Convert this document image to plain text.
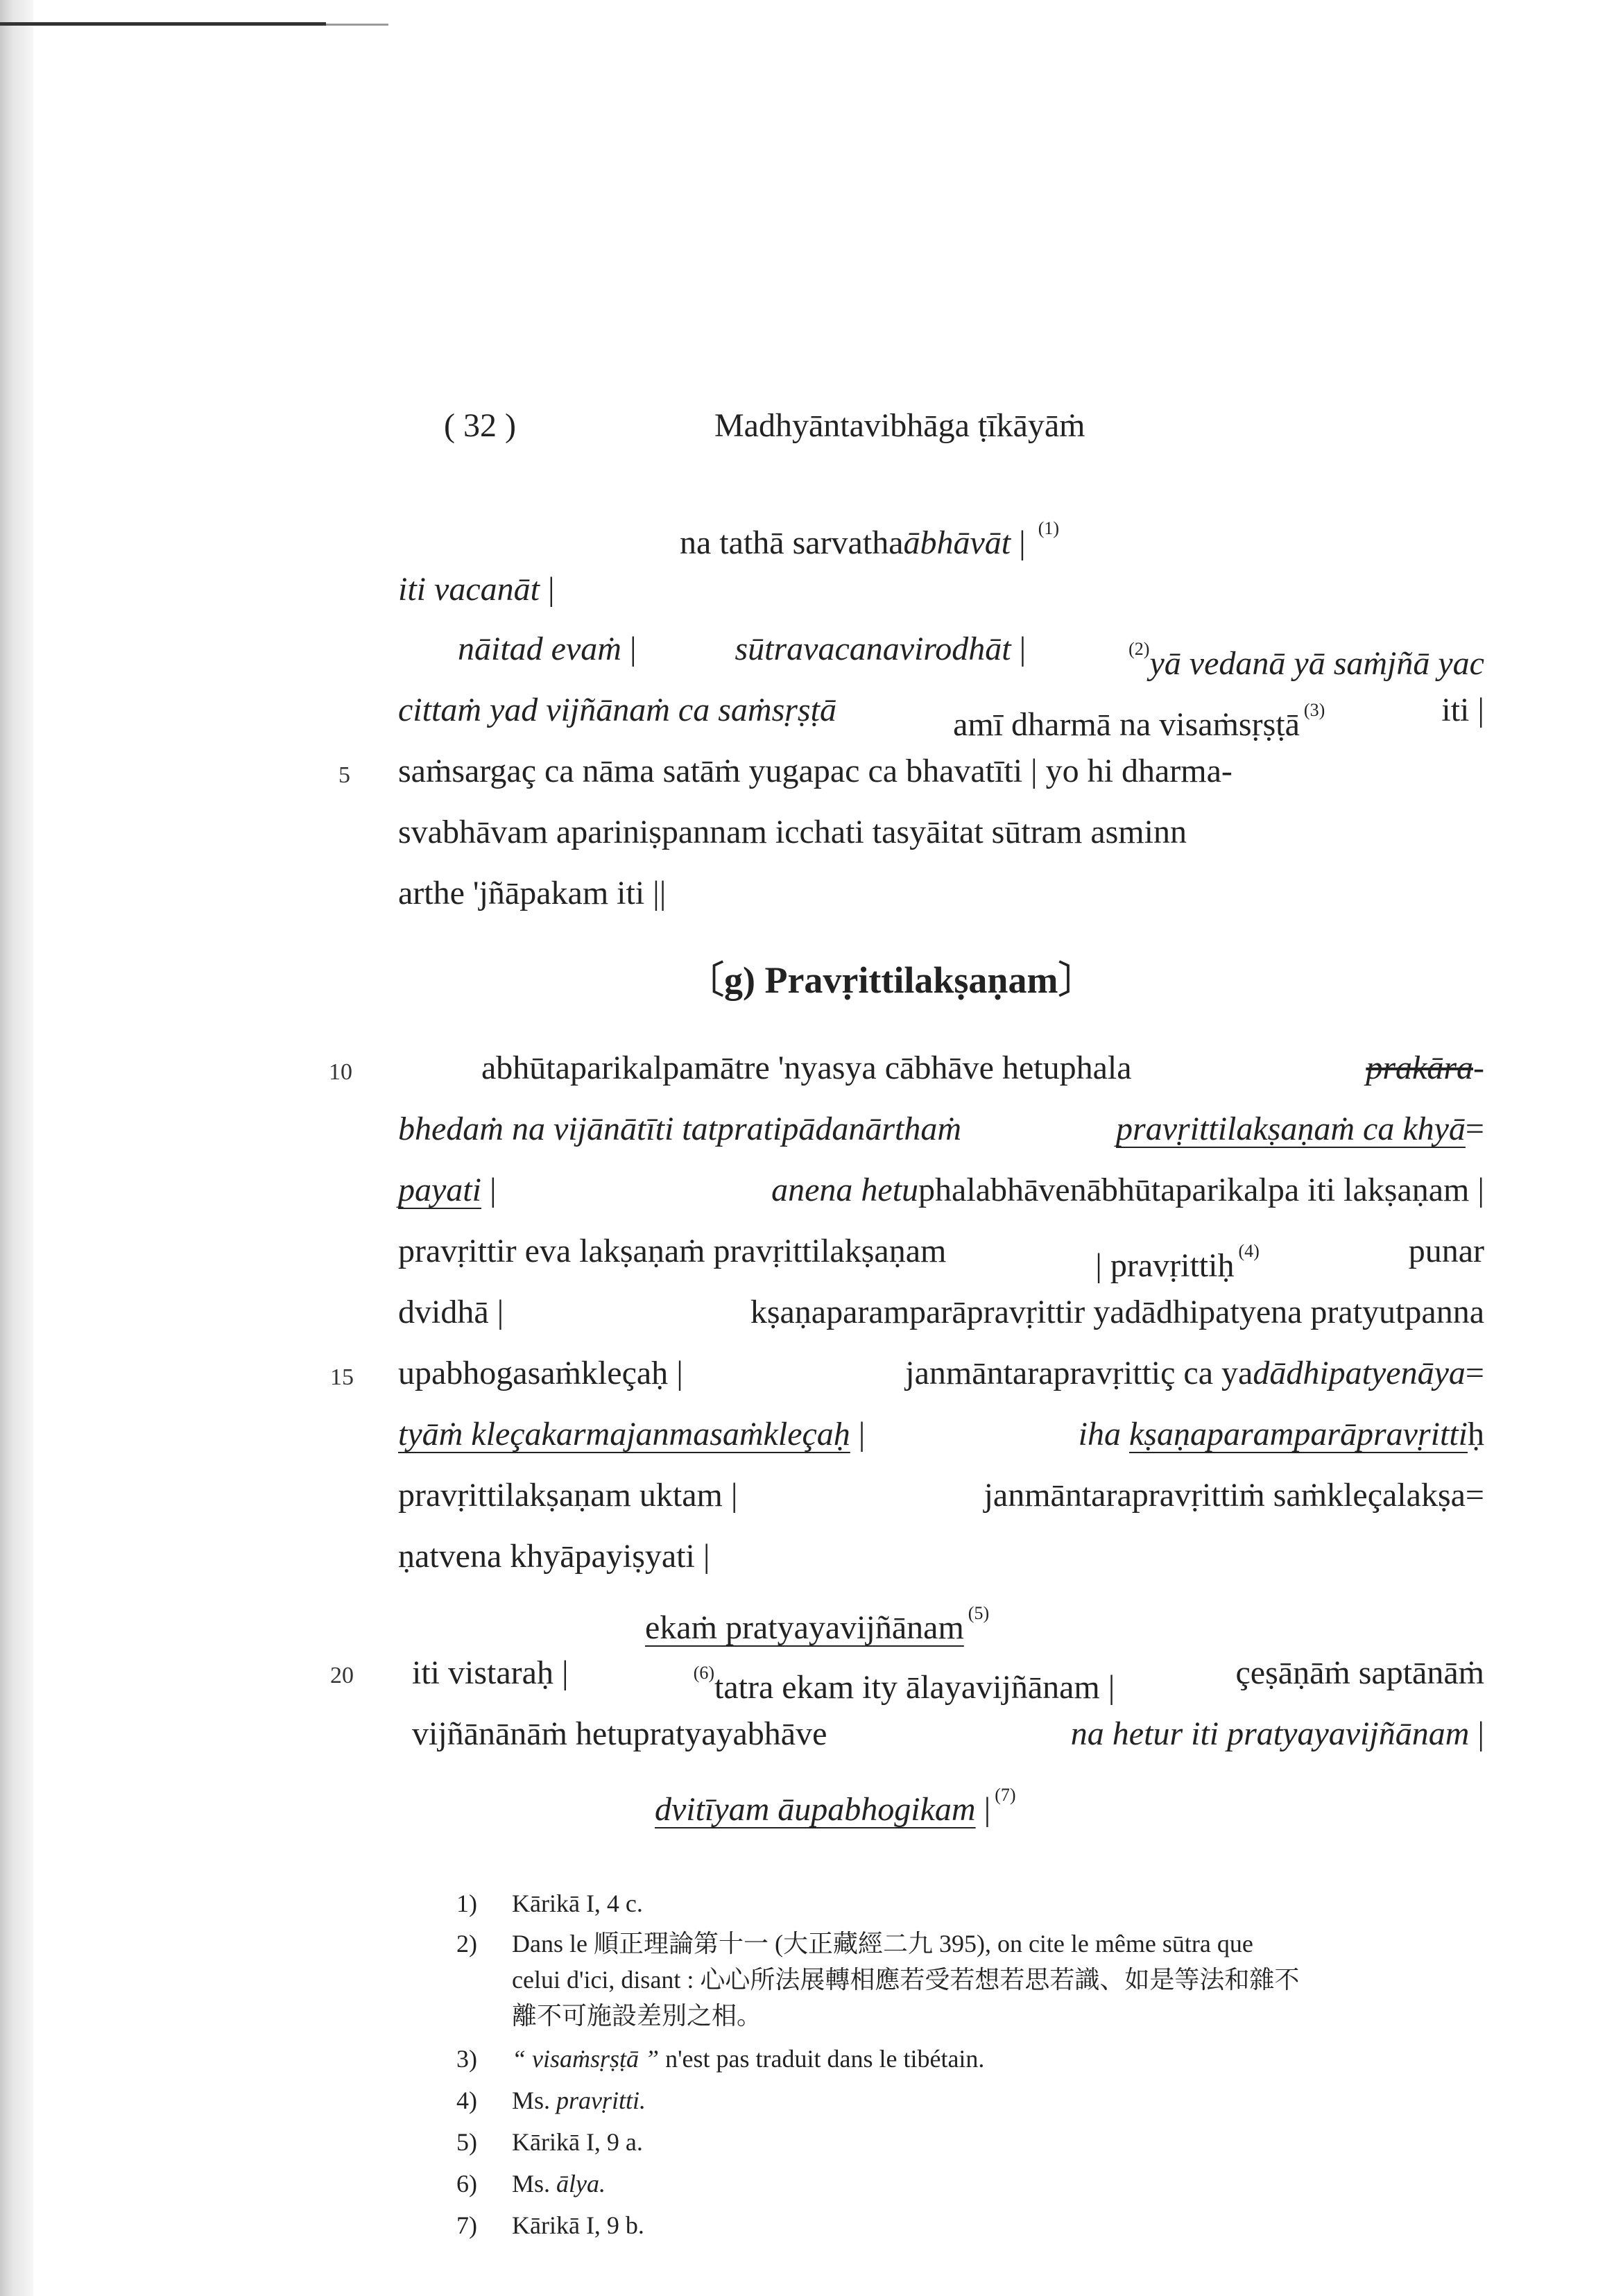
( 32 )	Madhyāntavibhāga ṭīkāyāṁ
na tathā sarvathaābhāvāt | $^{(1)}$
iti vacanāt |
nāitad evaṁ |	sūtravacanavirodhāt |	$^{(2)}$yā vedanā yā saṁjñā yac
cittaṁ yad vijñānaṁ ca saṁsṛṣṭā	amī dharmā na visaṁsṛṣṭā $^{(3)}$	iti |
5 saṁsargaç ca nāma satāṁ yugapac ca bhavatīti | yo hi dharma-
svabhāvam apariniṣpannam icchati tasyāitat sūtram asminn
arthe 'jñāpakam iti ||
〔g) Pravṛittilakṣaṇam〕
10	abhūtaparikalpamātre 'nyasya cābhāve hetuphala	prakāra-
bhedaṁ na vijānātīti tatpratipādanārthaṁ	pravṛittilakṣaṇaṁ ca khyā=
payati |	anena hetuphalabhāvenābhūtaparikalpa iti lakṣaṇam |
pravṛittir eva lakṣaṇaṁ pravṛittilakṣaṇam	| pravṛittiḥ $^{(4)}$	punar
dvidhā |	kṣaṇaparamparāpravṛittir yadādhipatyena pratyutpanna
15 upabhogasaṁkleçaḥ |	janmāntarapravṛittiç ca yadādhipatyenāya=
tyāṁ kleçakarmajanmasaṁkleçaḥ |	iha kṣaṇaparamparāpravṛittiḥ
pravṛittilakṣaṇam uktam |	janmāntarapravṛittiṁ saṁkleçalakṣa=
ṇatvena khyāpayiṣyati |
ekaṁ pratyayavijñānam $^{(5)}$
20 iti vistaraḥ |	$^{(6)}$tatra ekam ity ālayavijñānam |	çeṣāṇāṁ saptānāṁ
vijñānānāṁ hetupratyayabhāve	na hetur iti pratyayavijñānam |
dvitīyam āupabhogikam | $^{(7)}$
1) Kārikā I, 4 c.
2) Dans le 順正理論第十一 (大正藏經二九 395), on cite le même sūtra que
celui d'ici, disant : 心心所法展轉相應若受若想若思若識、如是等法和雜不
離不可施設差別之相。
3) “ visaṁsṛṣṭā ” n'est pas traduit dans le tibétain.
4) Ms. pravṛitti.
5) Kārikā I, 9 a.
6) Ms. ālya.
7) Kārikā I, 9 b.
